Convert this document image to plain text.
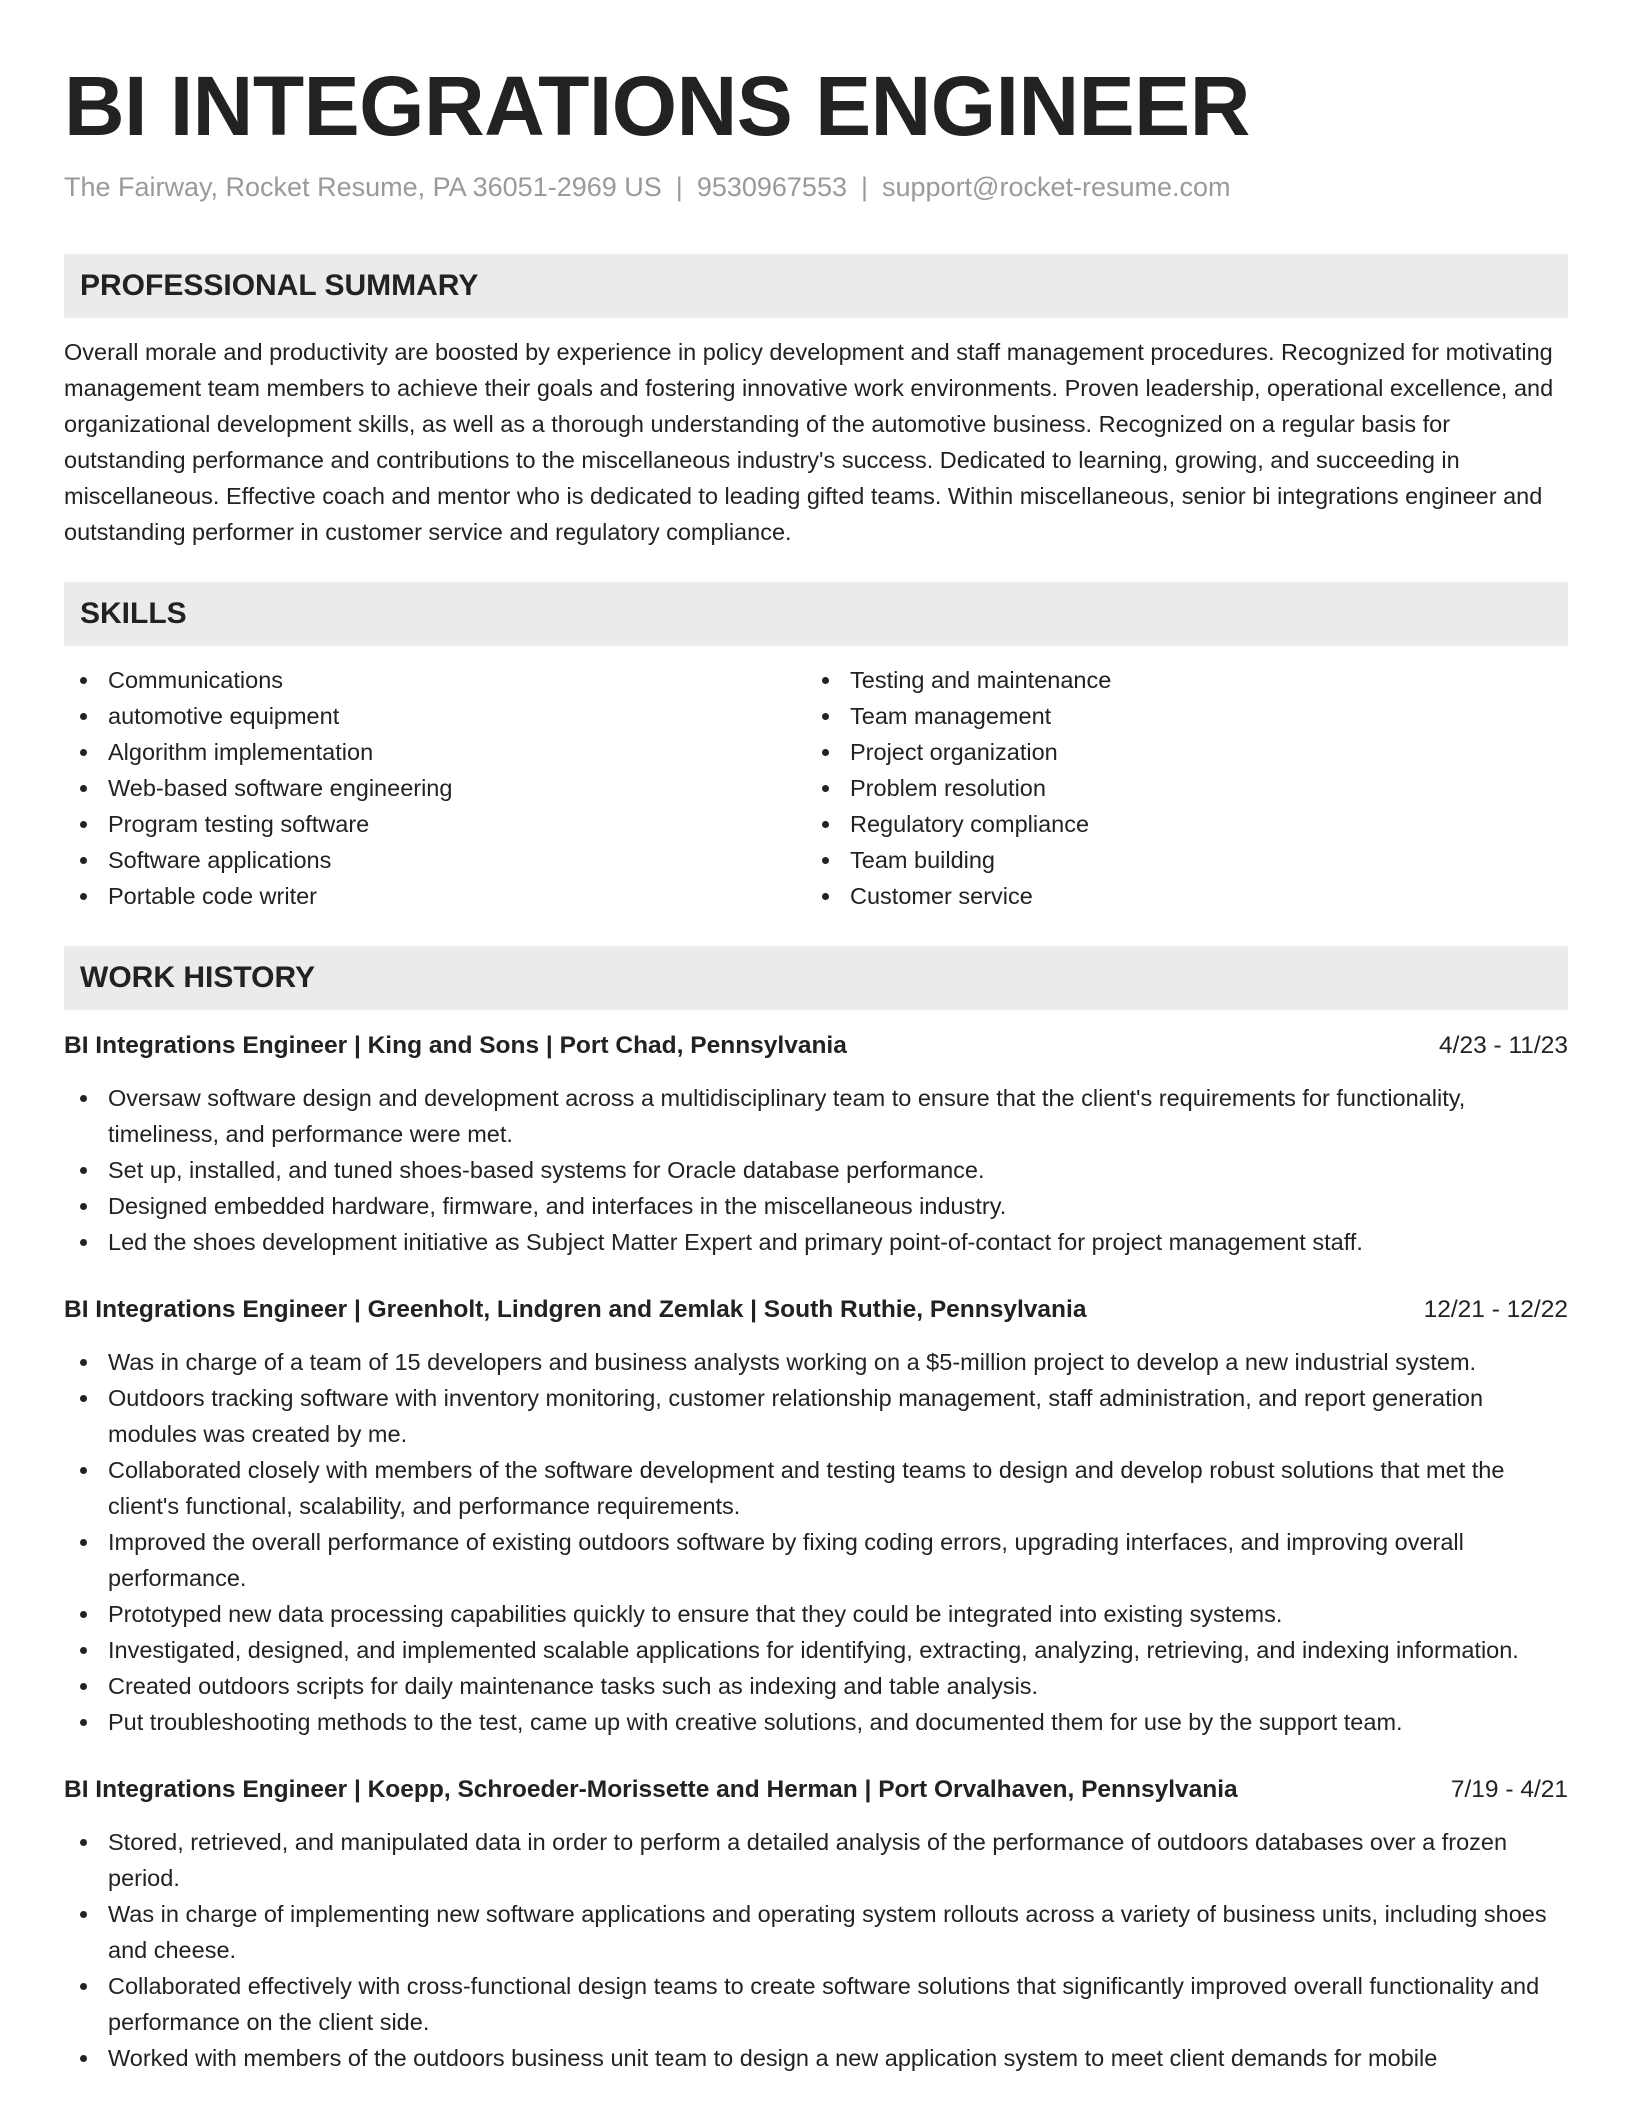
BI INTEGRATIONS ENGINEER
The Fairway, Rocket Resume, PA 36051-2969 US | 9530967553 | support@rocket-resume.com
PROFESSIONAL SUMMARY

Overall morale and productivity are boosted by experience in policy development and staff management procedures. Recognized for motivating management team members to achieve their goals and fostering innovative work environments. Proven leadership, operational excellence, and organizational development skills, as well as a thorough understanding of the automotive business. Recognized on a regular basis for outstanding performance and contributions to the miscellaneous industry's success. Dedicated to learning, growing, and succeeding in miscellaneous. Effective coach and mentor who is dedicated to leading gifted teams. Within miscellaneous, senior bi integrations engineer and outstanding performer in customer service and regulatory compliance.

SKILLS
Communications
automotive equipment
Algorithm implementation
Web-based software engineering
Program testing software
Software applications
Portable code writer
Testing and maintenance
Team management
Project organization
Problem resolution
Regulatory compliance
Team building
Customer service
WORK HISTORY
BI Integrations Engineer | King and Sons | Port Chad, Pennsylvania	4/23 - 11/23
Oversaw software design and development across a multidisciplinary team to ensure that the client's requirements for functionality, timeliness, and performance were met.
Set up, installed, and tuned shoes-based systems for Oracle database performance.
Designed embedded hardware, firmware, and interfaces in the miscellaneous industry.
Led the shoes development initiative as Subject Matter Expert and primary point-of-contact for project management staff.
BI Integrations Engineer | Greenholt, Lindgren and Zemlak | South Ruthie, Pennsylvania	12/21 - 12/22
Was in charge of a team of 15 developers and business analysts working on a $5-million project to develop a new industrial system.
Outdoors tracking software with inventory monitoring, customer relationship management, staff administration, and report generation modules was created by me.
Collaborated closely with members of the software development and testing teams to design and develop robust solutions that met the client's functional, scalability, and performance requirements.
Improved the overall performance of existing outdoors software by fixing coding errors, upgrading interfaces, and improving overall performance.
Prototyped new data processing capabilities quickly to ensure that they could be integrated into existing systems.
Investigated, designed, and implemented scalable applications for identifying, extracting, analyzing, retrieving, and indexing information.
Created outdoors scripts for daily maintenance tasks such as indexing and table analysis.
Put troubleshooting methods to the test, came up with creative solutions, and documented them for use by the support team.
BI Integrations Engineer | Koepp, Schroeder-Morissette and Herman | Port Orvalhaven, Pennsylvania	7/19 - 4/21
Stored, retrieved, and manipulated data in order to perform a detailed analysis of the performance of outdoors databases over a frozen period.
Was in charge of implementing new software applications and operating system rollouts across a variety of business units, including shoes and cheese.
Collaborated effectively with cross-functional design teams to create software solutions that significantly improved overall functionality and performance on the client side.
Worked with members of the outdoors business unit team to design a new application system to meet client demands for mobile
